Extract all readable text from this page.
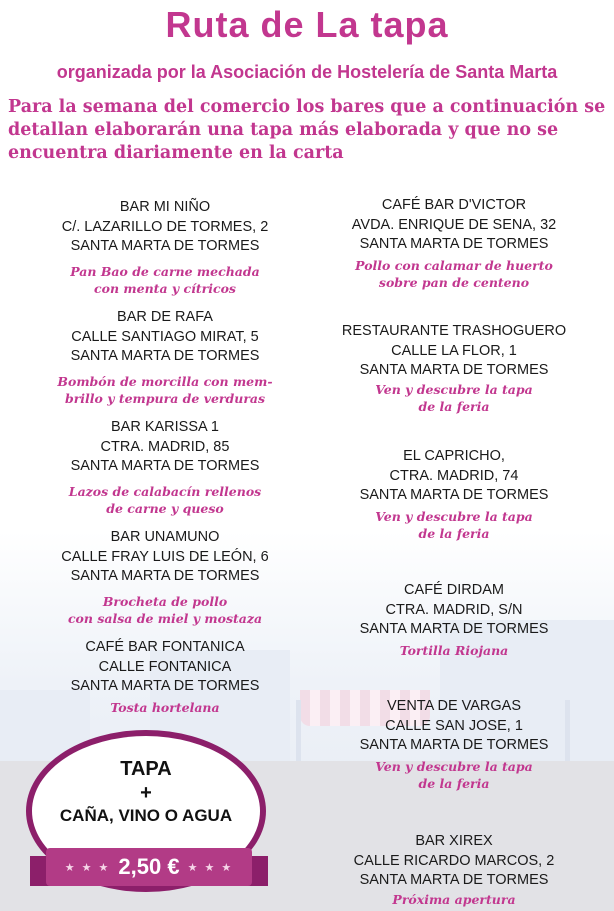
Ruta de La tapa
organizada por la Asociación de Hostelería de Santa Marta
Para la semana del comercio los bares que a continuación se detallan elaborarán una tapa más elaborada y que no se encuentra diariamente en la carta
BAR MI NIÑO
C/. LAZARILLO DE TORMES, 2
SANTA MARTA DE TORMES
Pan Bao de carne mechada
con menta y cítricos
BAR DE RAFA
CALLE SANTIAGO MIRAT, 5
SANTA MARTA DE TORMES
Bombón de morcilla con mem-
brillo y tempura de verduras
BAR KARISSA 1
CTRA. MADRID, 85
SANTA MARTA DE TORMES
Lazos de calabacín rellenos
de carne y queso
BAR UNAMUNO
CALLE FRAY LUIS DE LEÓN, 6
SANTA MARTA DE TORMES
Brocheta de pollo
con salsa de miel y mostaza
CAFÉ BAR FONTANICA
CALLE FONTANICA
SANTA MARTA DE TORMES
Tosta hortelana
CAFÉ BAR D'VICTOR
AVDA. ENRIQUE DE SENA, 32
SANTA MARTA DE TORMES
Pollo con calamar de huerto
sobre pan de centeno
RESTAURANTE TRASHOGUERO
CALLE LA FLOR, 1
SANTA MARTA DE TORMES
Ven y descubre la tapa
de la feria
EL CAPRICHO,
CTRA. MADRID, 74
SANTA MARTA DE TORMES
Ven y descubre la tapa
de la feria
CAFÉ DIRDAM
CTRA. MADRID, S/N
SANTA MARTA DE TORMES
Tortilla Riojana
VENTA DE VARGAS
CALLE SAN JOSE, 1
SANTA MARTA DE TORMES
Ven y descubre la tapa
de la feria
BAR XIREX
CALLE RICARDO MARCOS, 2
SANTA MARTA DE TORMES
Próxima apertura
TAPA
+
CAÑA, VINO O AGUA
★ ★ ★ 2,50 € ★ ★ ★
